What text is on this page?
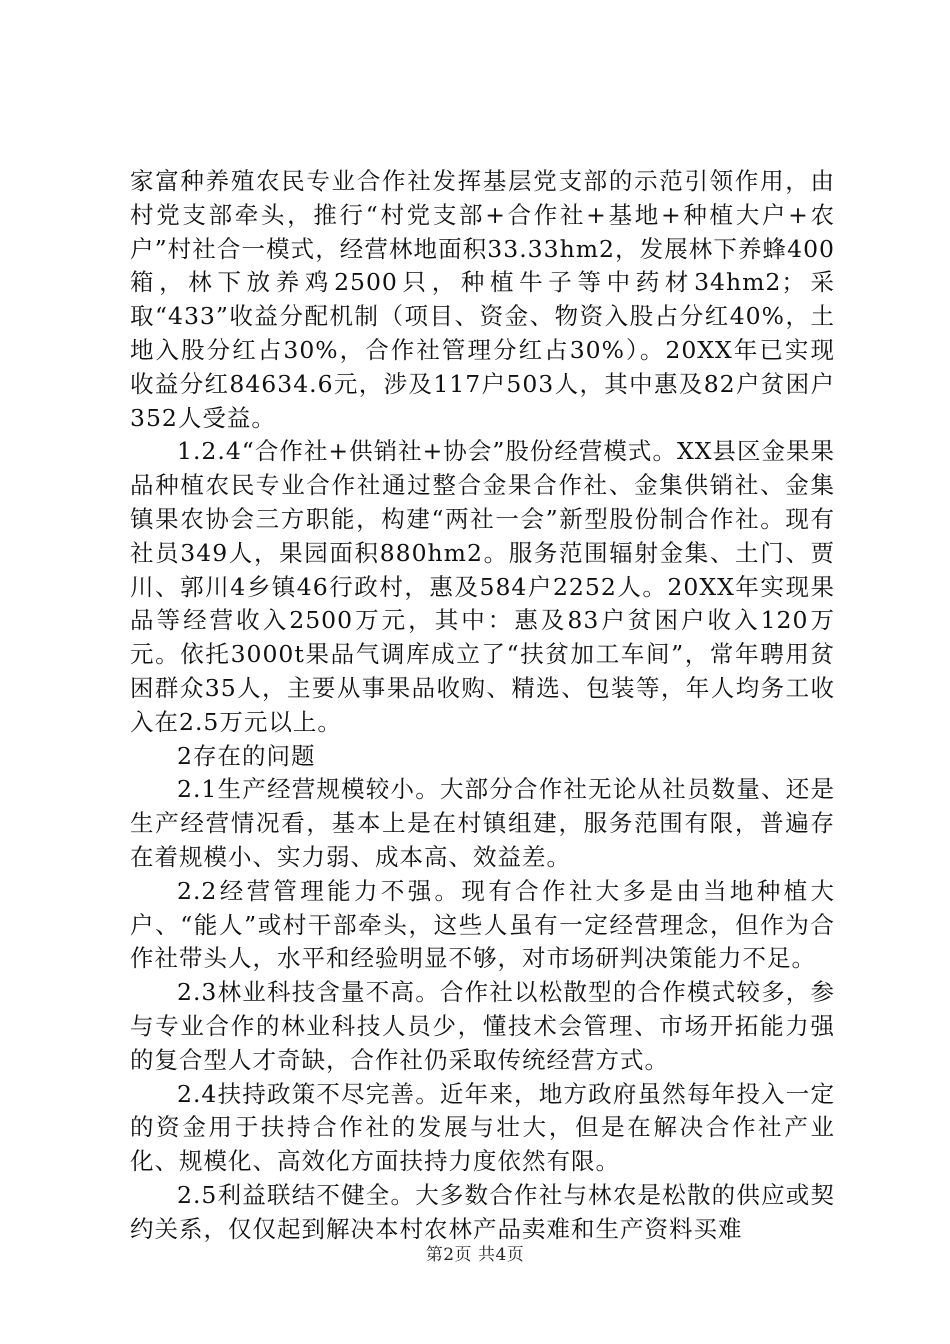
家富种养殖农民专业合作社发挥基层党支部的示范引领作用，由村党支部牵头，推行“村党支部+合作社+基地+种植大户+农户”村社合一模式，经营林地面积33.33hm2，发展林下养蜂400箱，林下放养鸡2500只，种植牛子等中药材34hm2；采取“433”收益分配机制（项目、资金、物资入股占分红40%，土地入股分红占30%，合作社管理分红占30%）。20XX年已实现收益分红84634.6元，涉及117户503人，其中惠及82户贫困户352人受益。

1.2.4“合作社+供销社+协会”股份经营模式。XX县区金果果品种植农民专业合作社通过整合金果合作社、金集供销社、金集镇果农协会三方职能，构建“两社一会”新型股份制合作社。现有社员349人，果园面积880hm2。服务范围辐射金集、土门、贾川、郭川4乡镇46行政村，惠及584户2252人。20XX年实现果品等经营收入2500万元，其中：惠及83户贫困户收入120万元。依托3000t果品气调库成立了“扶贫加工车间”，常年聘用贫困群众35人，主要从事果品收购、精选、包装等，年人均务工收入在2.5万元以上。

2存在的问题

2.1生产经营规模较小。大部分合作社无论从社员数量、还是生产经营情况看，基本上是在村镇组建，服务范围有限，普遍存在着规模小、实力弱、成本高、效益差。

2.2经营管理能力不强。现有合作社大多是由当地种植大户、“能人”或村干部牵头，这些人虽有一定经营理念，但作为合作社带头人，水平和经验明显不够，对市场研判决策能力不足。

2.3林业科技含量不高。合作社以松散型的合作模式较多，参与专业合作的林业科技人员少，懂技术会管理、市场开拓能力强的复合型人才奇缺，合作社仍采取传统经营方式。

2.4扶持政策不尽完善。近年来，地方政府虽然每年投入一定的资金用于扶持合作社的发展与壮大，但是在解决合作社产业化、规模化、高效化方面扶持力度依然有限。

2.5利益联结不健全。大多数合作社与林农是松散的供应或契约关系，仅仅起到解决本村农林产品卖难和生产资料买难

第2页 共4页
